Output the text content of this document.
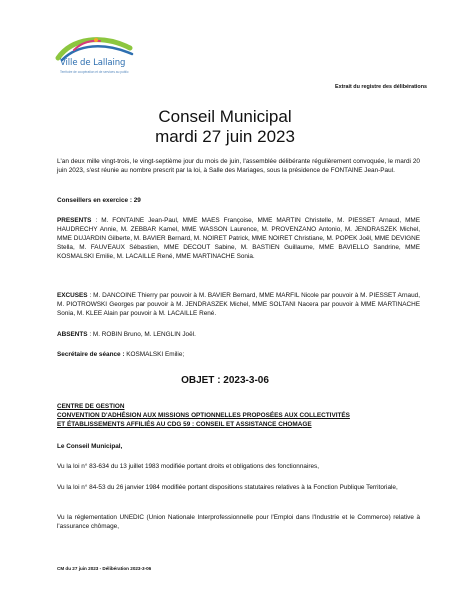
Ville de Lallaing
Territoire de coopération et de services au public
Extrait du registre des délibérations
Conseil Municipal
mardi 27 juin 2023
L'an deux mille vingt-trois, le vingt-septième jour du mois de juin, l'assemblée délibérante régulièrement convoquée, le mardi 20 juin 2023, s'est réunie au nombre prescrit par la loi, à Salle des Mariages, sous la présidence de FONTAINE Jean-Paul.
Conseillers en exercice : 29
PRESENTS : M. FONTAINE Jean-Paul, MME MAES Françoise, MME MARTIN Christelle, M. PIESSET Arnaud, MME HAUDRECHY Annie, M. ZEBBAR Kamel, MME WASSON Laurence, M. PROVENZANO Antonio, M. JENDRASZEK Michel, MME DUJARDIN Gilberte, M. BAVIER Bernard, M. NOIRET Patrick, MME NOIRET Christiane, M. POPEK Joël, MME DEVIGNE Stella, M. FAUVEAUX Sébastien, MME DECOUT Sabine, M. BASTIEN Guillaume, MME BAVIELLO Sandrine, MME KOSMALSKI Emilie, M. LACAILLE René, MME MARTINACHE Sonia.
EXCUSES : M. DANCOINE Thierry par pouvoir à M. BAVIER Bernard, MME MARFIL Nicole par pouvoir à M. PIESSET Arnaud, M. PIOTROWSKI Georges par pouvoir à M. JENDRASZEK Michel, MME SOLTANI Nacera par pouvoir à MME MARTINACHE Sonia, M. KLEE Alain par pouvoir à M. LACAILLE René.
ABSENTS : M. ROBIN Bruno, M. LENGLIN Joël.
Secrétaire de séance : KOSMALSKI Emilie;
OBJET : 2023-3-06
CENTRE DE GESTION
CONVENTION D'ADHÉSION AUX MISSIONS OPTIONNELLES PROPOSÉES AUX COLLECTIVITÉS
ET ÉTABLISSEMENTS AFFILIÉS AU CDG 59 : CONSEIL ET ASSISTANCE CHOMAGE
Le Conseil Municipal,
Vu la loi n° 83-634 du 13 juillet 1983 modifiée portant droits et obligations des fonctionnaires,
Vu la loi n° 84-53 du 26 janvier 1984 modifiée portant dispositions statutaires relatives à la Fonction Publique Territoriale,
Vu la réglementation UNEDIC (Union Nationale Interprofessionnelle pour l'Emploi dans l'Industrie et le Commerce) relative à l'assurance chômage,
CM du 27 juin 2023 - Délibération 2023-3-06
